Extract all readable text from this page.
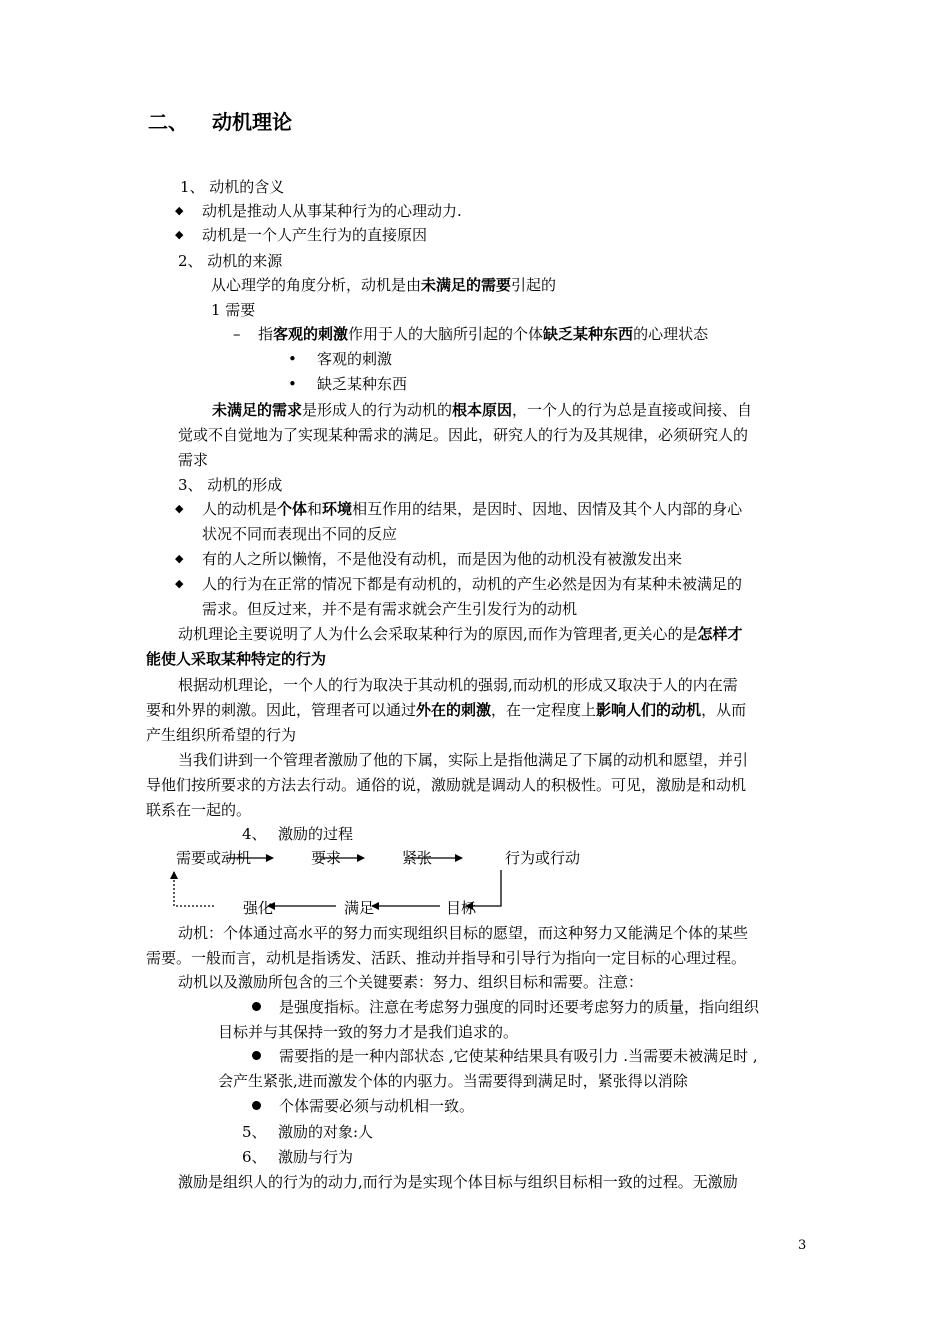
二、 动机理论
1、 动机的含义
◆ 动机是推动人从事某种行为的心理动力.
◆ 动机是一个人产生行为的直接原因
2、 动机的来源
从心理学的角度分析，动机是由未满足的需要引起的
1 需要
– 指客观的刺激作用于人的大脑所引起的个体缺乏某种东西的心理状态
• 客观的刺激
• 缺乏某种东西
未满足的需求是形成人的行为动机的根本原因，一个人的行为总是直接或间接、自
觉或不自觉地为了实现某种需求的满足。因此，研究人的行为及其规律，必须研究人的
需求
3、 动机的形成
◆ 人的动机是个体和环境相互作用的结果，是因时、因地、因情及其个人内部的身心
状况不同而表现出不同的反应
◆ 有的人之所以懒惰，不是他没有动机，而是因为他的动机没有被激发出来
◆ 人的行为在正常的情况下都是有动机的，动机的产生必然是因为有某种未被满足的
需求。但反过来，并不是有需求就会产生引发行为的动机
动机理论主要说明了人为什么会采取某种行为的原因,而作为管理者,更关心的是怎样才
能使人采取某种特定的行为
根据动机理论，一个人的行为取决于其动机的强弱,而动机的形成又取决于人的内在需
要和外界的刺激。因此，管理者可以通过外在的刺激，在一定程度上影响人们的动机，从而
产生组织所希望的行为
当我们讲到一个管理者激励了他的下属，实际上是指他满足了下属的动机和愿望，并引
导他们按所要求的方法去行动。通俗的说，激励就是调动人的积极性。可见，激励是和动机
联系在一起的。
4、 激励的过程
需要或动机	要求	紧张	行为或行动
强化	满足	目标
动机：个体通过高水平的努力而实现组织目标的愿望，而这种努力又能满足个体的某些
需要。一般而言，动机是指诱发、活跃、推动并指导和引导行为指向一定目标的心理过程。
动机以及激励所包含的三个关键要素：努力、组织目标和需要。注意：
是强度指标。注意在考虑努力强度的同时还要考虑努力的质量，指向组织
目标并与其保持一致的努力才是我们追求的。
需要指的是一种内部状态 ,它使某种结果具有吸引力 .当需要未被满足时 ,
会产生紧张,进而激发个体的内驱力。当需要得到满足时，紧张得以消除
个体需要必须与动机相一致。
5、 激励的对象:人
6、 激励与行为
激励是组织人的行为的动力,而行为是实现个体目标与组织目标相一致的过程。无激励
3
